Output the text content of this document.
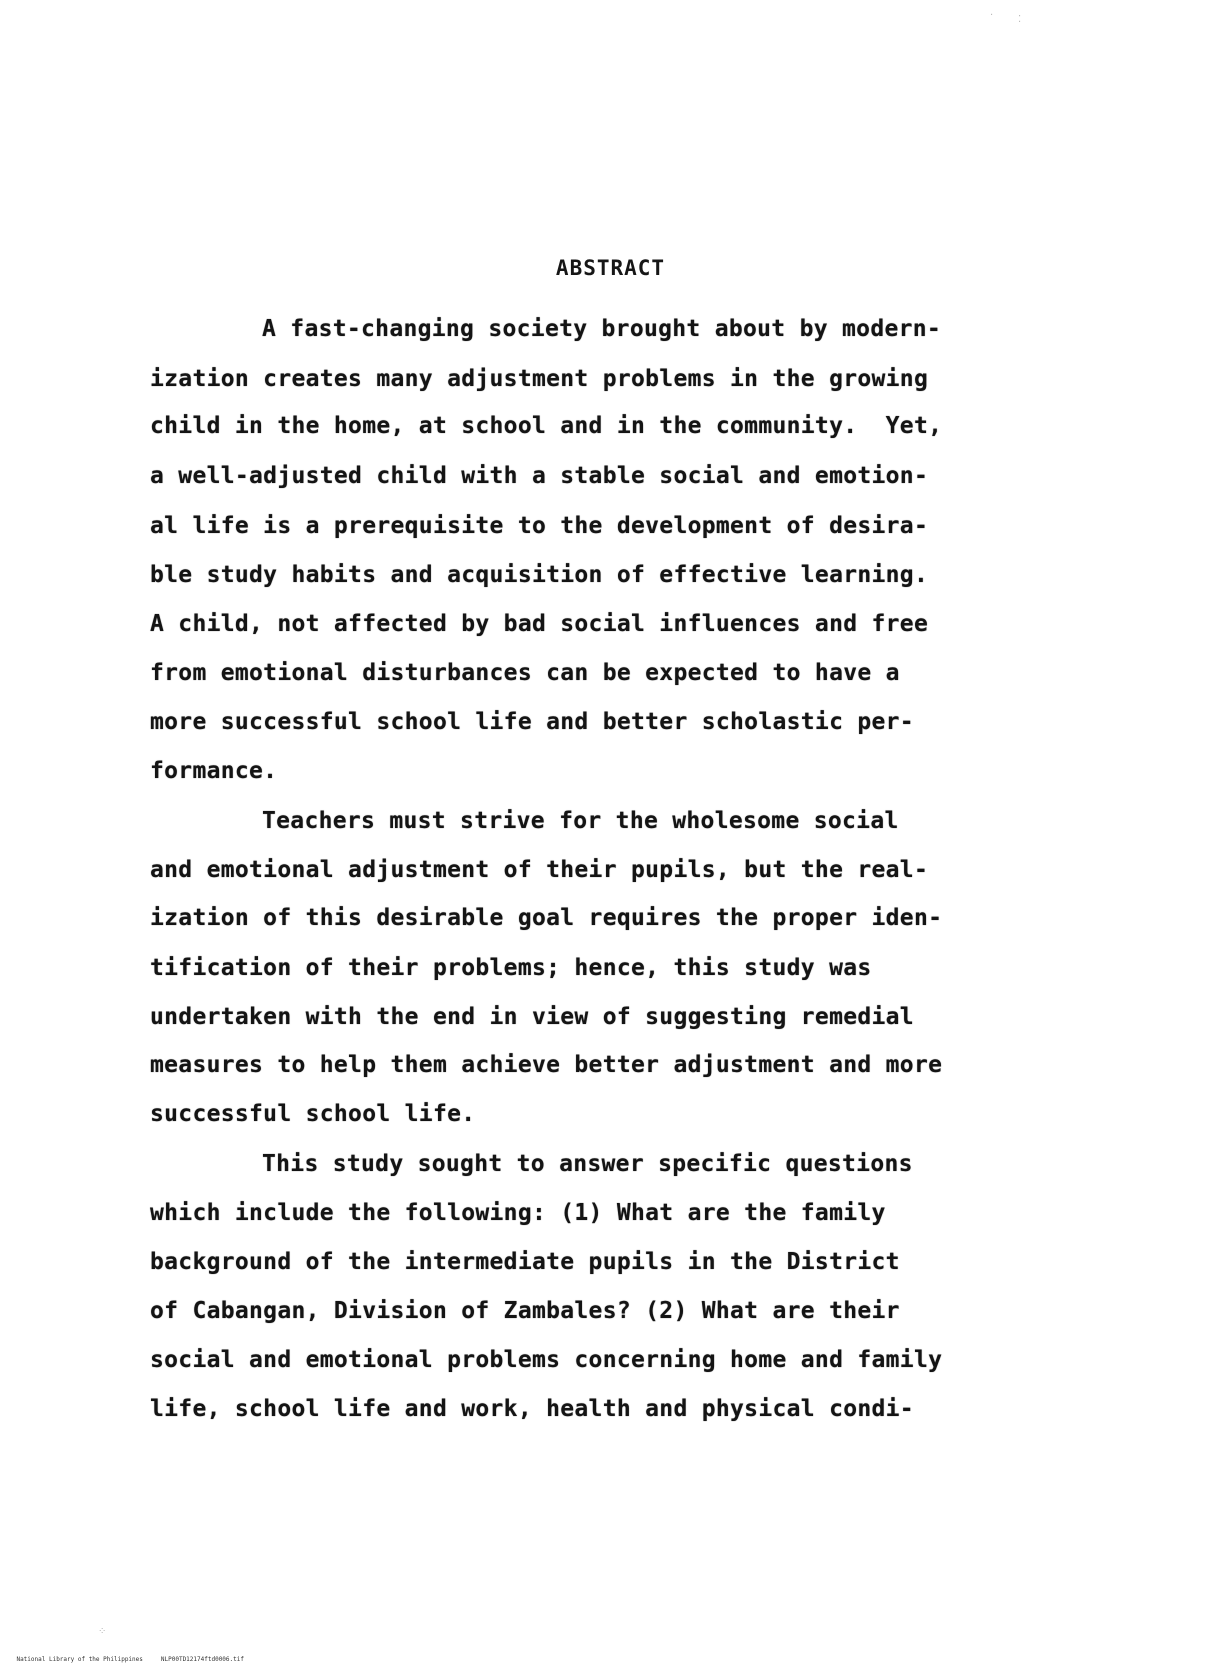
· ⁚
⁘
ABSTRACT
A fast-changing society brought about by modern-
ization creates many adjustment problems in the growing
child in the home, at school and in the community.  Yet,
a well-adjusted child with a stable social and emotion-
al life is a prerequisite to the development of desira-
ble study habits and acquisition of effective learning.
A child, not affected by bad social influences and free
from emotional disturbances can be expected to have a
more successful school life and better scholastic per-
formance.
Teachers must strive for the wholesome social
and emotional adjustment of their pupils, but the real-
ization of this desirable goal requires the proper iden-
tification of their problems; hence, this study was
undertaken with the end in view of suggesting remedial
measures to help them achieve better adjustment and more
successful school life.
This study sought to answer specific questions
which include the following: (1) What are the family
background of the intermediate pupils in the District
of Cabangan, Division of Zambales? (2) What are their
social and emotional problems concerning home and family
life, school life and work, health and physical condi-

National Library of the Philippines	NLP00TD12174ftd0006.tif
